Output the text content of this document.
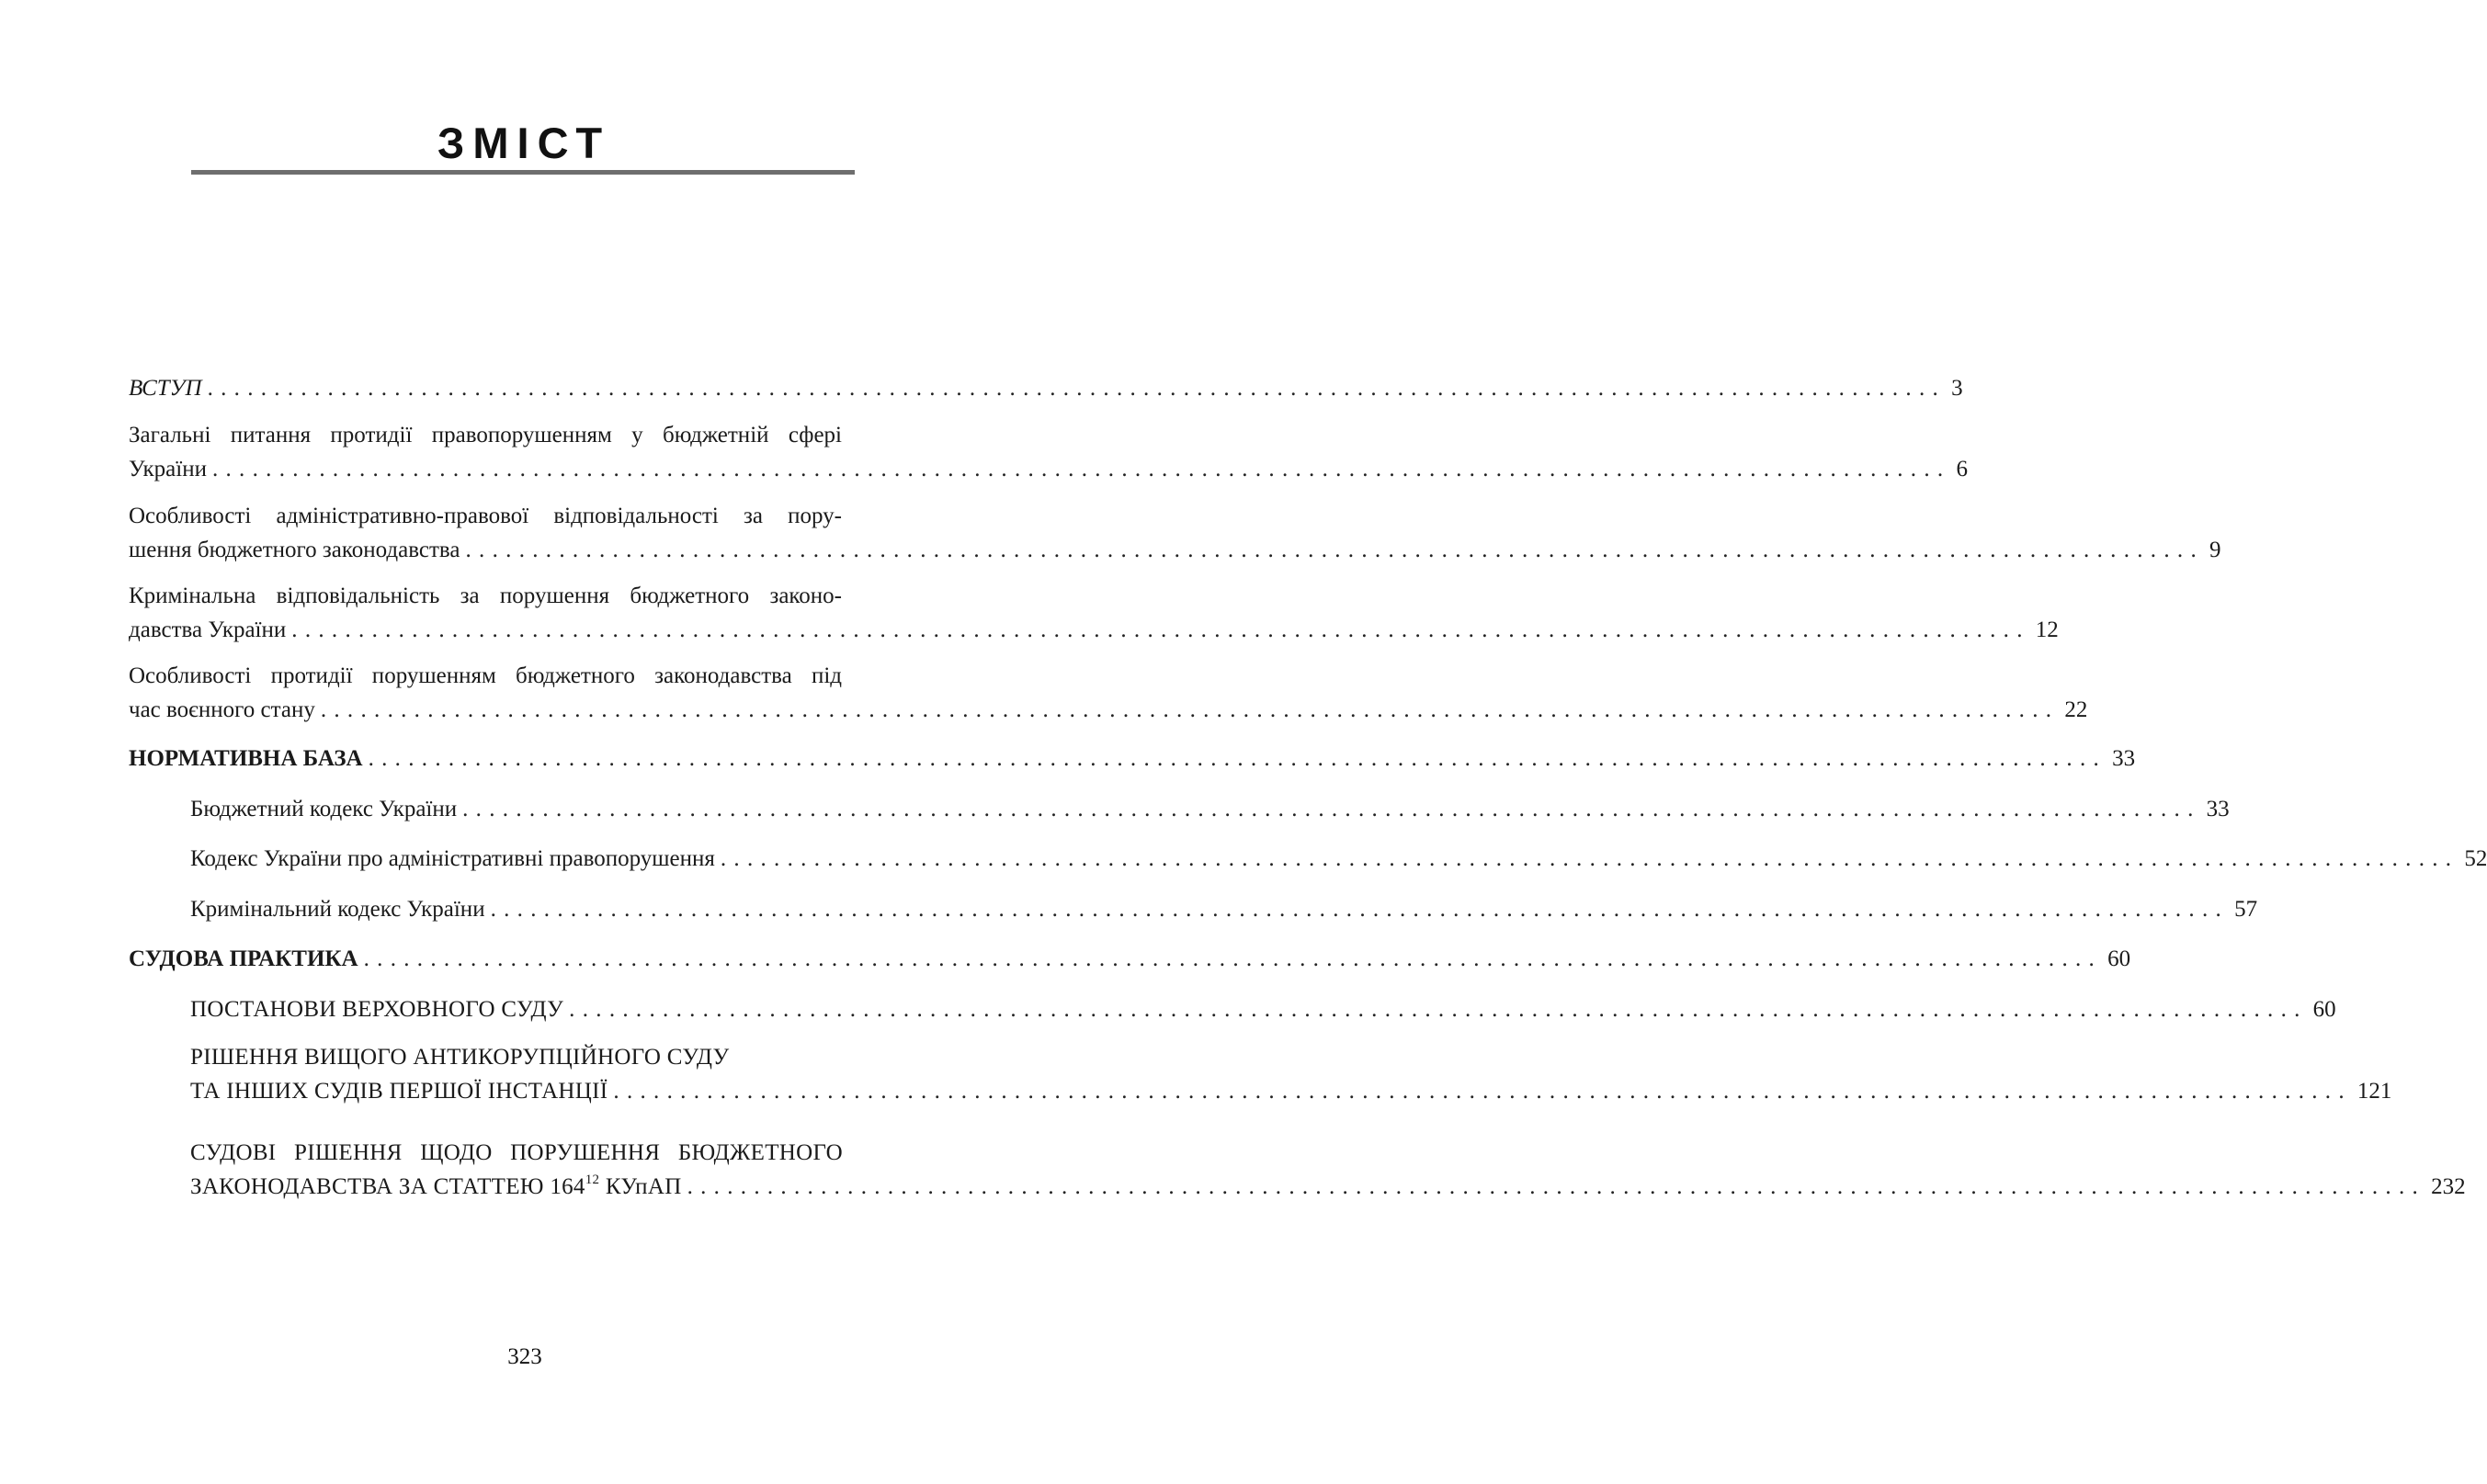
ЗМІСТ
ВСТУП .................................................................................................................................. 3
Загальні питання протидії правопорушенням у бюджетній сфері
України .................................................................................................................................. 6
Особливості адміністративно-правової відповідальності за пору-
шення бюджетного законодавства .................................................................................................................................. 9
Кримінальна відповідальність за порушення бюджетного законо-
давства України .................................................................................................................................. 12
Особливості протидії порушенням бюджетного законодавства під
час воєнного стану .................................................................................................................................. 22
НОРМАТИВНА БАЗА .................................................................................................................................. 33
Бюджетний кодекс України .................................................................................................................................. 33
Кодекс України про адміністративні правопорушення .................................................................................................................................. 52
Кримінальний кодекс України .................................................................................................................................. 57
СУДОВА ПРАКТИКА .................................................................................................................................. 60
ПОСТАНОВИ ВЕРХОВНОГО СУДУ .................................................................................................................................. 60
РІШЕННЯ ВИЩОГО АНТИКОРУПЦІЙНОГО СУДУ
ТА ІНШИХ СУДІВ ПЕРШОЇ ІНСТАНЦІЇ .................................................................................................................................. 121
СУДОВІ РІШЕННЯ ЩОДО ПОРУШЕННЯ БЮДЖЕТНОГО
ЗАКОНОДАВСТВА ЗА СТАТТЕЮ $164^{12}$ КУпАП .................................................................................................................................. 232
323
